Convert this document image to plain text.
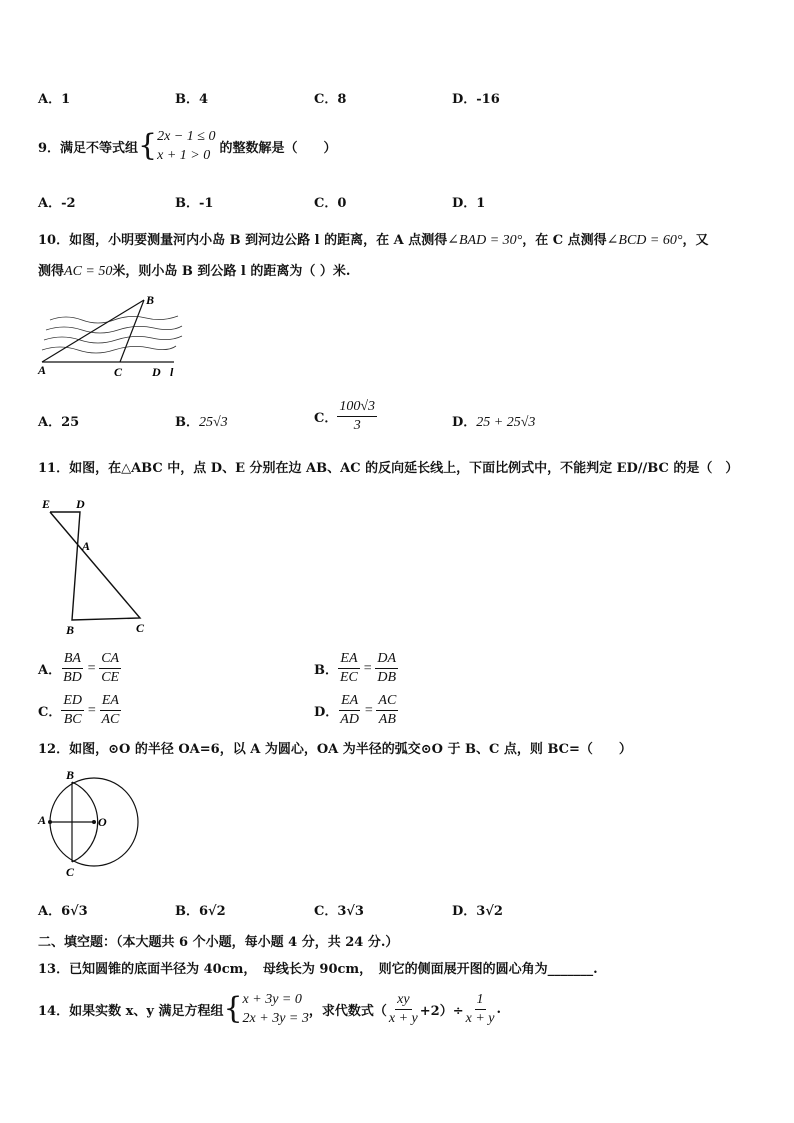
A．1	B．4	C．8	D．-16
9．满足不等式组 { 2x − 1 ≤ 0
x + 1 > 0 的整数解是（　　）
A．-2	B．-1	C．0	D．1
10．如图，小明要测量河内小岛 B 到河边公路 l 的距离，在 A 点测得∠BAD = 30°，在 C 点测得∠BCD = 60°，又
测得AC = 50米，则小岛 B 到公路 l 的距离为（ ）米.
B
A	C D l
A．25	B．25√3	C． $\frac{100√3}{3}$	D．25 + 25√3
11．如图，在△ABC 中，点 D、E 分别在边 AB、AC 的反向延长线上，下面比例式中，不能判定 ED//BC 的是（　）
E D
A
B	C
A． $\frac{BA}{BD} = \frac{CA}{CE}$	B． $\frac{EA}{EC} = \frac{DA}{DB}$
C． $\frac{ED}{BC} = \frac{EA}{AC}$	D． $\frac{EA}{AD} = \frac{AC}{AB}$
12．如图，⊙O 的半径 OA=6，以 A 为圆心，OA 为半径的弧交⊙O 于 B、C 点，则 BC=（　　）
B
A	O
C
A．6√3	B．6√2	C．3√3	D．3√2
二、填空题：（本大题共 6 个小题，每小题 4 分，共 24 分.）
13．已知圆锥的底面半径为 40cm，　母线长为 90cm，　则它的侧面展开图的圆心角为_______.
14．如果实数 x、y 满足方程组 { x + 3y = 0
2x + 3y = 3 ，求代数式（ $\frac{xy}{x + y} +2)\div \frac{1}{x + y}$ .
